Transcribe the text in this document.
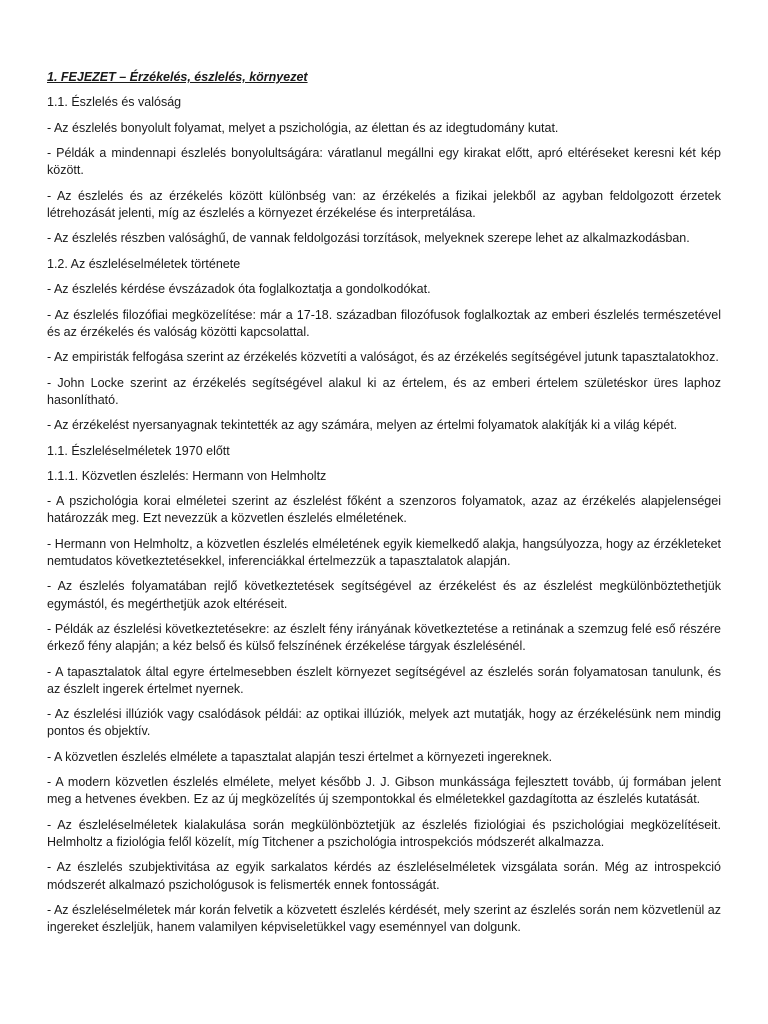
1. FEJEZET – Érzékelés, észlelés, környezet

1.1. Észlelés és valóság

- Az észlelés bonyolult folyamat, melyet a pszichológia, az élettan és az idegtudomány kutat.

- Példák a mindennapi észlelés bonyolultságára: váratlanul megállni egy kirakat előtt, apró eltéréseket keresni két kép között.

- Az észlelés és az érzékelés között különbség van: az érzékelés a fizikai jelekből az agyban feldolgozott érzetek létrehozását jelenti, míg az észlelés a környezet érzékelése és interpretálása.

- Az észlelés részben valósághű, de vannak feldolgozási torzítások, melyeknek szerepe lehet az alkalmazkodásban.

1.2. Az észleléselméletek története

- Az észlelés kérdése évszázadok óta foglalkoztatja a gondolkodókat.

- Az észlelés filozófiai megközelítése: már a 17-18. században filozófusok foglalkoztak az emberi észlelés természetével és az érzékelés és valóság közötti kapcsolattal.

- Az empiristák felfogása szerint az érzékelés közvetíti a valóságot, és az érzékelés segítségével jutunk tapasztalatokhoz.

- John Locke szerint az érzékelés segítségével alakul ki az értelem, és az emberi értelem születéskor üres laphoz hasonlítható.

- Az érzékelést nyersanyagnak tekintették az agy számára, melyen az értelmi folyamatok alakítják ki a világ képét.

1.1. Észleléselméletek 1970 előtt

1.1.1. Közvetlen észlelés: Hermann von Helmholtz

- A pszichológia korai elméletei szerint az észlelést főként a szenzoros folyamatok, azaz az érzékelés alapjelenségei határozzák meg. Ezt nevezzük a közvetlen észlelés elméletének.

- Hermann von Helmholtz, a közvetlen észlelés elméletének egyik kiemelkedő alakja, hangsúlyozza, hogy az érzékleteket nemtudatos következtetésekkel, inferenciákkal értelmezzük a tapasztalatok alapján.

- Az észlelés folyamatában rejlő következtetések segítségével az érzékelést és az észlelést megkülönböztethetjük egymástól, és megérthetjük azok eltéréseit.

- Példák az észlelési következtetésekre: az észlelt fény irányának következtetése a retinának a szemzug felé eső részére érkező fény alapján; a kéz belső és külső felszínének érzékelése tárgyak észlelésénél.

- A tapasztalatok által egyre értelmesebben észlelt környezet segítségével az észlelés során folyamatosan tanulunk, és az észlelt ingerek értelmet nyernek.

- Az észlelési illúziók vagy csalódások példái: az optikai illúziók, melyek azt mutatják, hogy az érzékelésünk nem mindig pontos és objektív.

- A közvetlen észlelés elmélete a tapasztalat alapján teszi értelmet a környezeti ingereknek.

- A modern közvetlen észlelés elmélete, melyet később J. J. Gibson munkássága fejlesztett tovább, új formában jelent meg a hetvenes években. Ez az új megközelítés új szempontokkal és elméletekkel gazdagította az észlelés kutatását.

- Az észleléselméletek kialakulása során megkülönböztetjük az észlelés fiziológiai és pszichológiai megközelítéseit. Helmholtz a fiziológia felől közelít, míg Titchener a pszichológia introspekciós módszerét alkalmazza.

- Az észlelés szubjektivitása az egyik sarkalatos kérdés az észleléselméletek vizsgálata során. Még az introspekció módszerét alkalmazó pszichológusok is felismerték ennek fontosságát.

- Az észleléselméletek már korán felvetik a közvetett észlelés kérdését, mely szerint az észlelés során nem közvetlenül az ingereket észleljük, hanem valamilyen képviseletükkel vagy eseménnyel van dolgunk.
